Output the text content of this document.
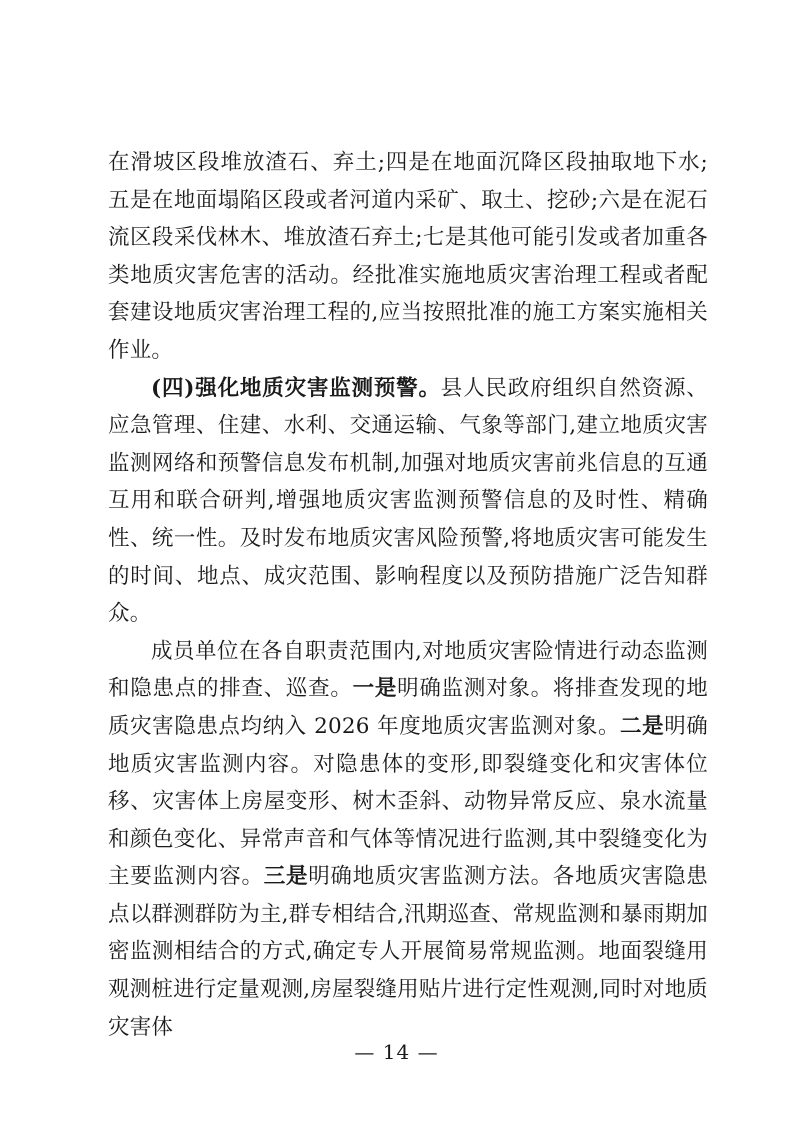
在滑坡区段堆放渣石、弃土;四是在地面沉降区段抽取地下水;五是在地面塌陷区段或者河道内采矿、取土、挖砂;六是在泥石流区段采伐林木、堆放渣石弃土;七是其他可能引发或者加重各类地质灾害危害的活动。经批准实施地质灾害治理工程或者配套建设地质灾害治理工程的,应当按照批准的施工方案实施相关作业。

(四)强化地质灾害监测预警。县人民政府组织自然资源、应急管理、住建、水利、交通运输、气象等部门,建立地质灾害监测网络和预警信息发布机制,加强对地质灾害前兆信息的互通互用和联合研判,增强地质灾害监测预警信息的及时性、精确性、统一性。及时发布地质灾害风险预警,将地质灾害可能发生的时间、地点、成灾范围、影响程度以及预防措施广泛告知群众。

成员单位在各自职责范围内,对地质灾害险情进行动态监测和隐患点的排查、巡查。一是明确监测对象。将排查发现的地质灾害隐患点均纳入 2026 年度地质灾害监测对象。二是明确地质灾害监测内容。对隐患体的变形,即裂缝变化和灾害体位移、灾害体上房屋变形、树木歪斜、动物异常反应、泉水流量和颜色变化、异常声音和气体等情况进行监测,其中裂缝变化为主要监测内容。三是明确地质灾害监测方法。各地质灾害隐患点以群测群防为主,群专相结合,汛期巡查、常规监测和暴雨期加密监测相结合的方式,确定专人开展简易常规监测。地面裂缝用观测桩进行定量观测,房屋裂缝用贴片进行定性观测,同时对地质灾害体

— 14 —
